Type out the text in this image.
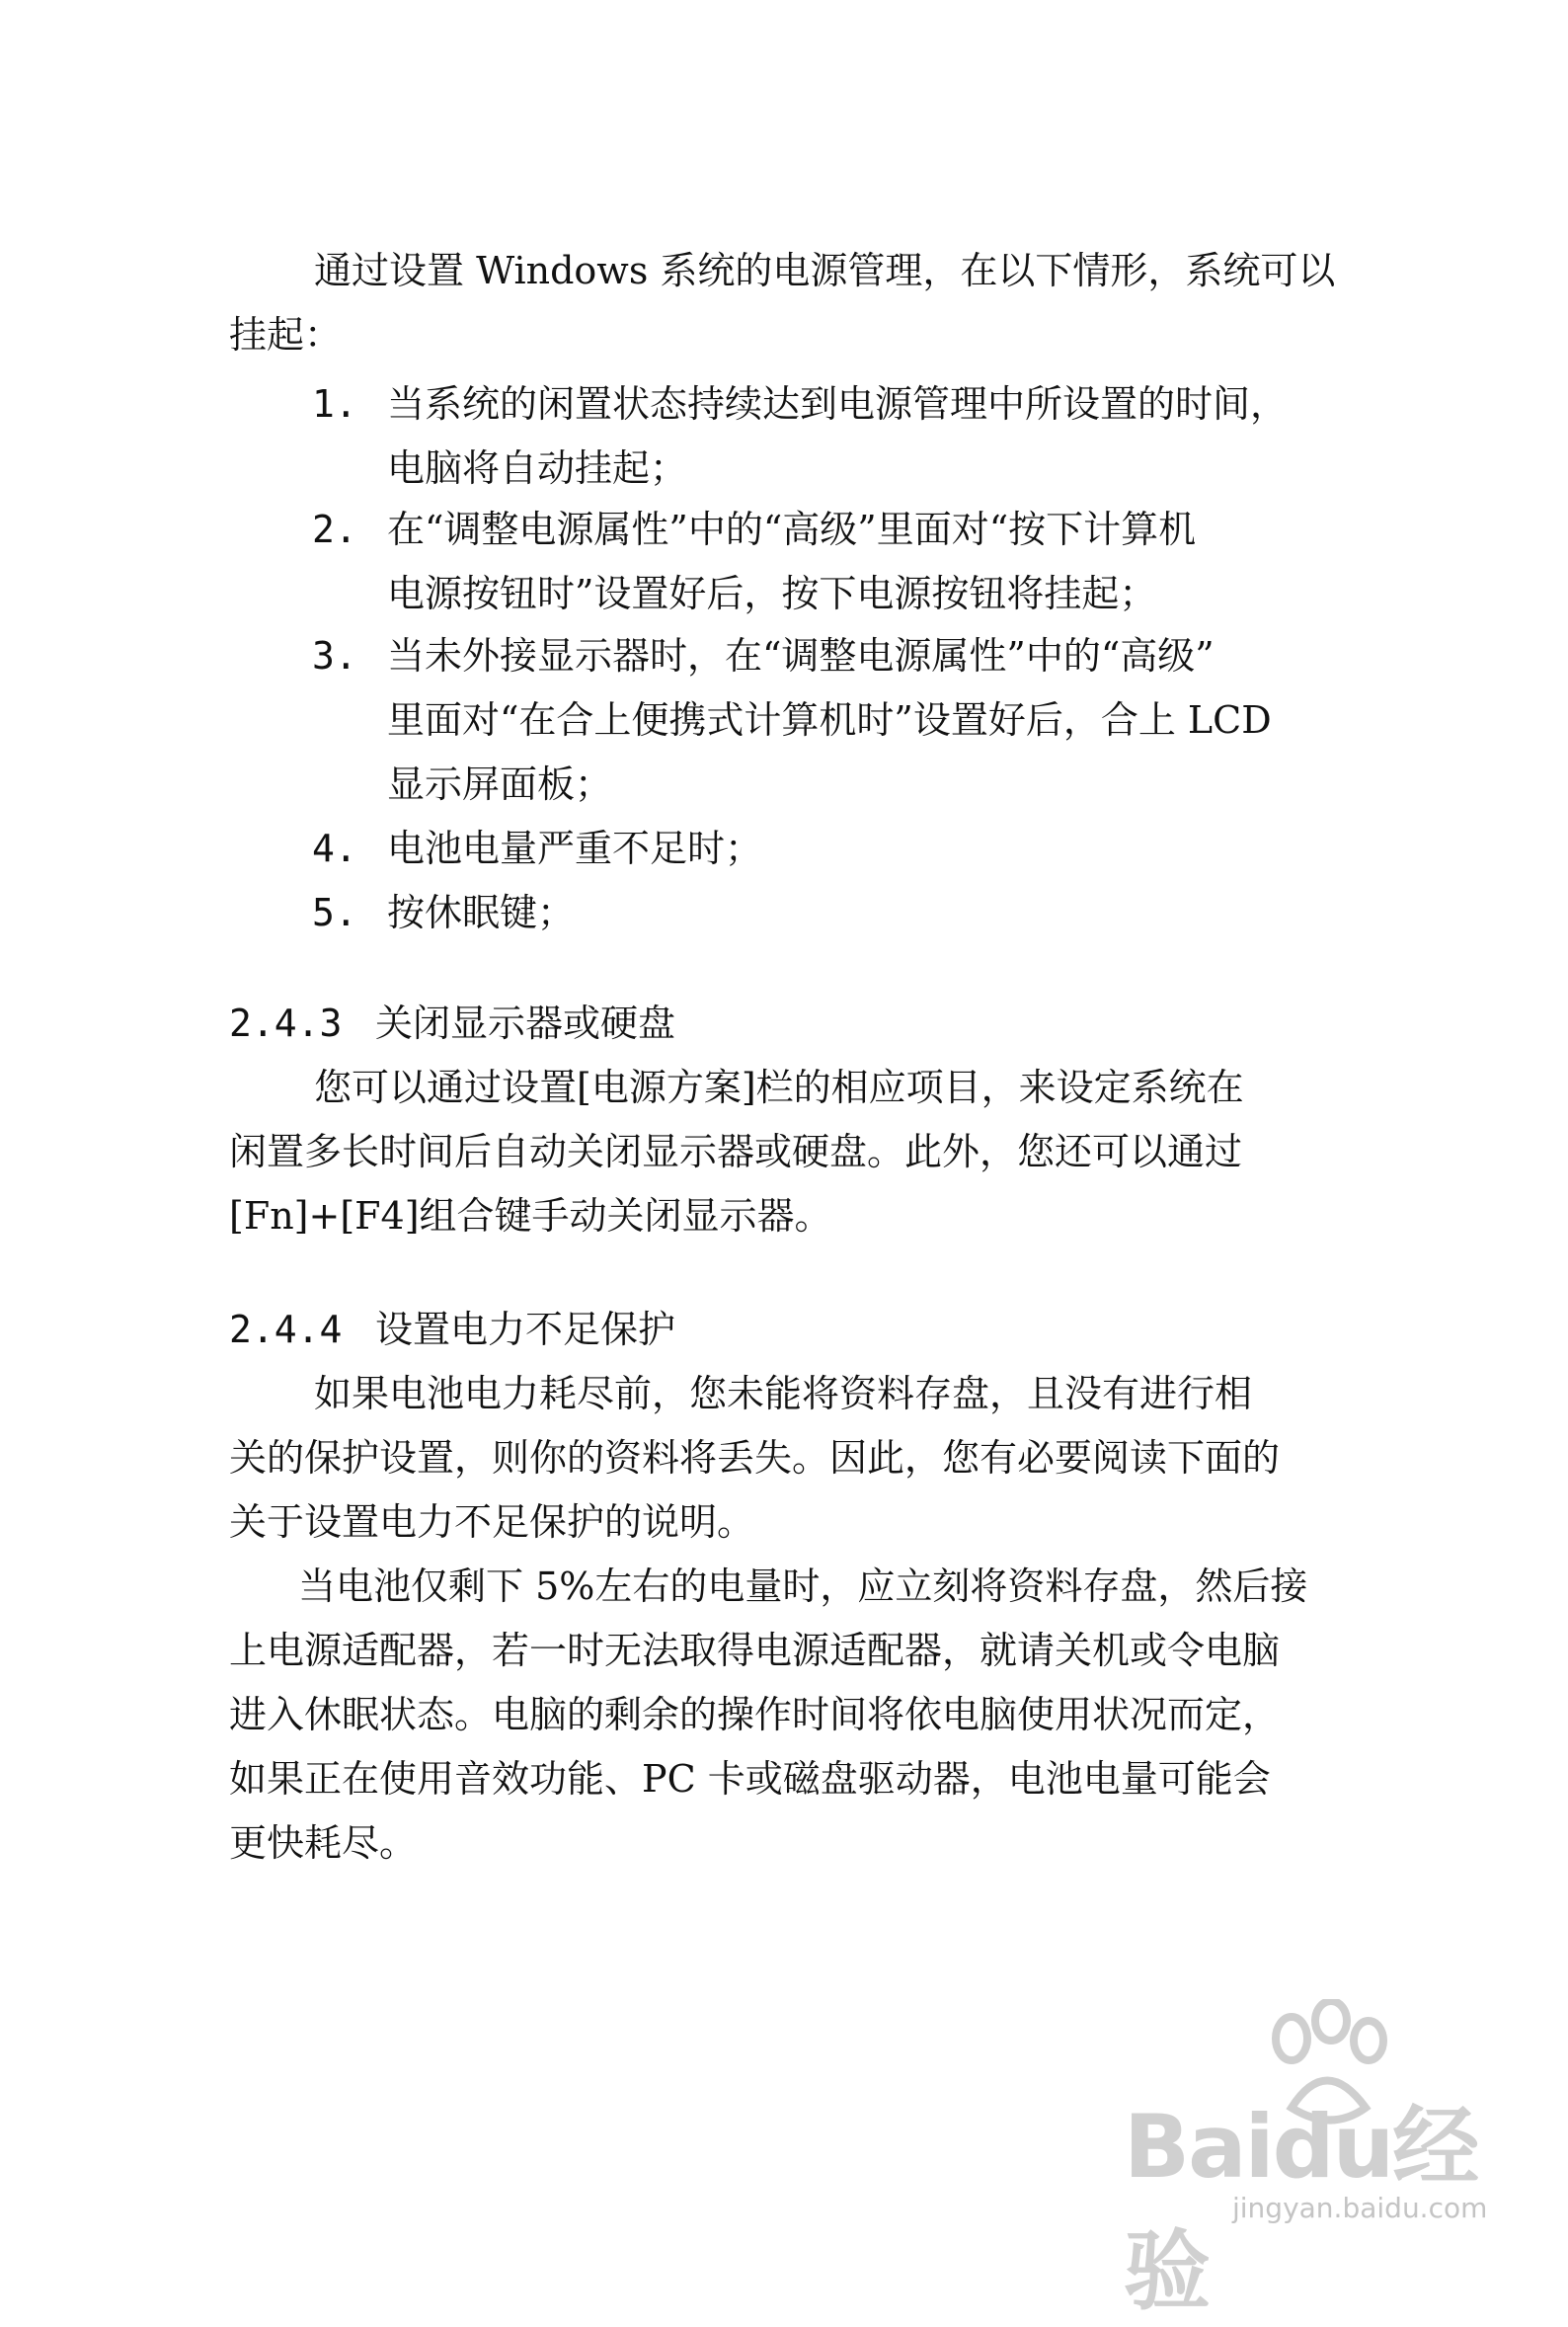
通过设置 Windows 系统的电源管理，在以下情形，系统可以
挂起：
1. 当系统的闲置状态持续达到电源管理中所设置的时间，
电脑将自动挂起；
2. 在“调整电源属性”中的“高级”里面对“按下计算机
电源按钮时”设置好后，按下电源按钮将挂起；
3. 当未外接显示器时，在“调整电源属性”中的“高级”
里面对“在合上便携式计算机时”设置好后，合上 LCD
显示屏面板；
4. 电池电量严重不足时；
5. 按休眠键；
2.4.3 关闭显示器或硬盘
您可以通过设置[电源方案]栏的相应项目，来设定系统在
闲置多长时间后自动关闭显示器或硬盘。此外，您还可以通过
[Fn]+[F4]组合键手动关闭显示器。
2.4.4 设置电力不足保护
如果电池电力耗尽前，您未能将资料存盘，且没有进行相
关的保护设置，则你的资料将丢失。因此，您有必要阅读下面的
关于设置电力不足保护的说明。
当电池仅剩下 5%左右的电量时，应立刻将资料存盘，然后接
上电源适配器，若一时无法取得电源适配器，就请关机或令电脑
进入休眠状态。电脑的剩余的操作时间将依电脑使用状况而定，
如果正在使用音效功能、PC 卡或磁盘驱动器，电池电量可能会
更快耗尽。
Baidu经验
jingyan.baidu.com
